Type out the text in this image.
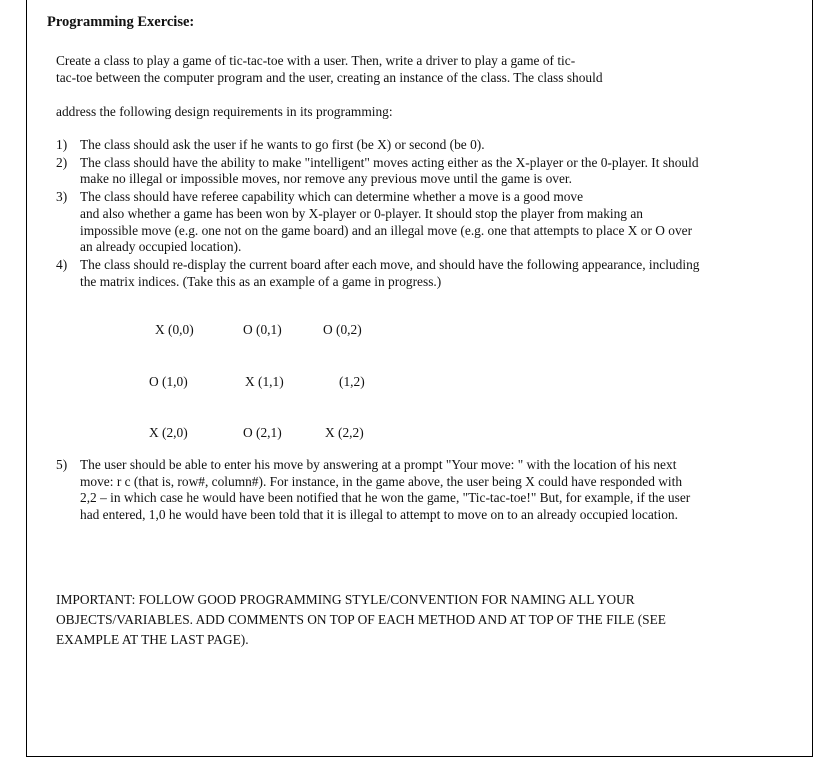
Programming Exercise:

Create a class to play a game of tic-tac-toe with a user. Then, write a driver to play a game of tic-
tac-toe between the computer program and the user, creating an instance of the class. The class should

address the following design requirements in its programming:

1) The class should ask the user if he wants to go first (be X) or second (be 0).
2) The class should have the ability to make "intelligent" moves acting either as the X-player or the 0-player. It should
make no illegal or impossible moves, nor remove any previous move until the game is over.
3) The class should have referee capability which can determine whether a move is a good move
and also whether a game has been won by X-player or 0-player. It should stop the player from making an
impossible move (e.g. one not on the game board) and an illegal move (e.g. one that attempts to place X or O over
an already occupied location).
4) The class should re-display the current board after each move, and should have the following appearance, including
the matrix indices. (Take this as an example of a game in progress.)
X (0,0)	O (0,1)	O (0,2)
O (1,0)	X (1,1)	(1,2)
X (2,0)	O (2,1)	X (2,2)
5) The user should be able to enter his move by answering at a prompt "Your move: " with the location of his next
move: r c (that is, row#, column#). For instance, in the game above, the user being X could have responded with
2,2 – in which case he would have been notified that he won the game, "Tic-tac-toe!" But, for example, if the user
had entered, 1,0 he would have been told that it is illegal to attempt to move on to an already occupied location.

IMPORTANT: FOLLOW GOOD PROGRAMMING STYLE/CONVENTION FOR NAMING ALL YOUR
OBJECTS/VARIABLES. ADD COMMENTS ON TOP OF EACH METHOD AND AT TOP OF THE FILE (SEE
EXAMPLE AT THE LAST PAGE).
